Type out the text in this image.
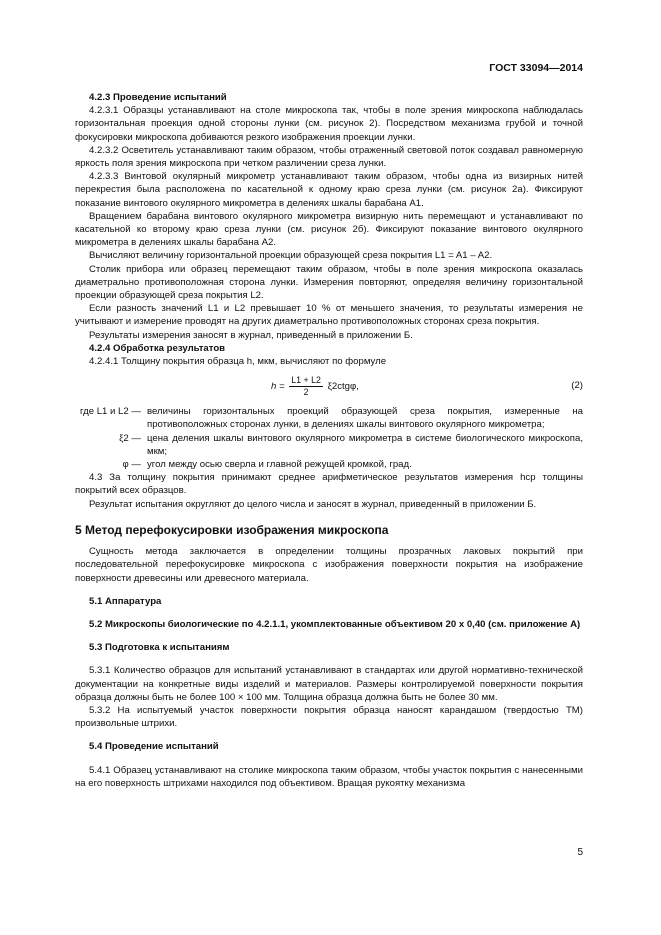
ГОСТ 33094—2014

4.2.3 Проведение испытаний

4.2.3.1 Образцы устанавливают на столе микроскопа так, чтобы в поле зрения микроскопа наблюдалась горизонтальная проекция одной стороны лунки (см. рисунок 2). Посредством механизма грубой и точной фокусировки микроскопа добиваются резкого изображения проекции лунки.

4.2.3.2 Осветитель устанавливают таким образом, чтобы отраженный световой поток создавал равномерную яркость поля зрения микроскопа при четком различении среза лунки.

4.2.3.3 Винтовой окулярный микрометр устанавливают таким образом, чтобы одна из визирных нитей перекрестия была расположена по касательной к одному краю среза лунки (см. рисунок 2а). Фиксируют показание винтового окулярного микрометра в делениях шкалы барабана A1.

Вращением барабана винтового окулярного микрометра визирную нить перемещают и устанавливают по касательной ко второму краю среза лунки (см. рисунок 2б). Фиксируют показание винтового окулярного микрометра в делениях шкалы барабана A2.

Вычисляют величину горизонтальной проекции образующей среза покрытия L1 = A1 – A2.

Столик прибора или образец перемещают таким образом, чтобы в поле зрения микроскопа оказалась диаметрально противоположная сторона лунки. Измерения повторяют, определяя величину горизонтальной проекции образующей среза покрытия L2.

Если разность значений L1 и L2 превышает 10 % от меньшего значения, то результаты измерения не учитывают и измерение проводят на других диаметрально противоположных сторонах среза покрытия.

Результаты измерения заносят в журнал, приведенный в приложении Б.

4.2.4 Обработка результатов

4.2.4.1 Толщину покрытия образца h, мкм, вычисляют по формуле

$h = \frac{L1 + L2}{2} \xi 2ctg\varphi$,	(2)
где L1 и L2 — величины горизонтальных проекций образующей среза покрытия, измеренные на противоположных сторонах лунки, в делениях шкалы винтового окулярного микрометра;
ξ2 — цена деления шкалы винтового окулярного микрометра в системе биологического микроскопа, мкм;
φ — угол между осью сверла и главной режущей кромкой, град.

4.3 За толщину покрытия принимают среднее арифметическое результатов измерения hср толщины покрытий всех образцов.

Результат испытания округляют до целого числа и заносят в журнал, приведенный в приложении Б.

5 Метод перефокусировки изображения микроскопа

Сущность метода заключается в определении толщины прозрачных лаковых покрытий при последовательной перефокусировке микроскопа с изображения поверхности покрытия на изображение поверхности древесины или древесного материала.

5.1 Аппаратура

5.2 Микроскопы биологические по 4.2.1.1, укомплектованные объективом 20 х 0,40 (см. приложение А)

5.3 Подготовка к испытаниям

5.3.1 Количество образцов для испытаний устанавливают в стандартах или другой нормативно-технической документации на конкретные виды изделий и материалов. Размеры контролируемой поверхности покрытия образца должны быть не более 100 × 100 мм. Толщина образца должна быть не более 30 мм.

5.3.2 На испытуемый участок поверхности покрытия образца наносят карандашом (твердостью ТМ) произвольные штрихи.

5.4 Проведение испытаний

5.4.1 Образец устанавливают на столике микроскопа таким образом, чтобы участок покрытия с нанесенными на его поверхность штрихами находился под объективом. Вращая рукоятку механизма

5
